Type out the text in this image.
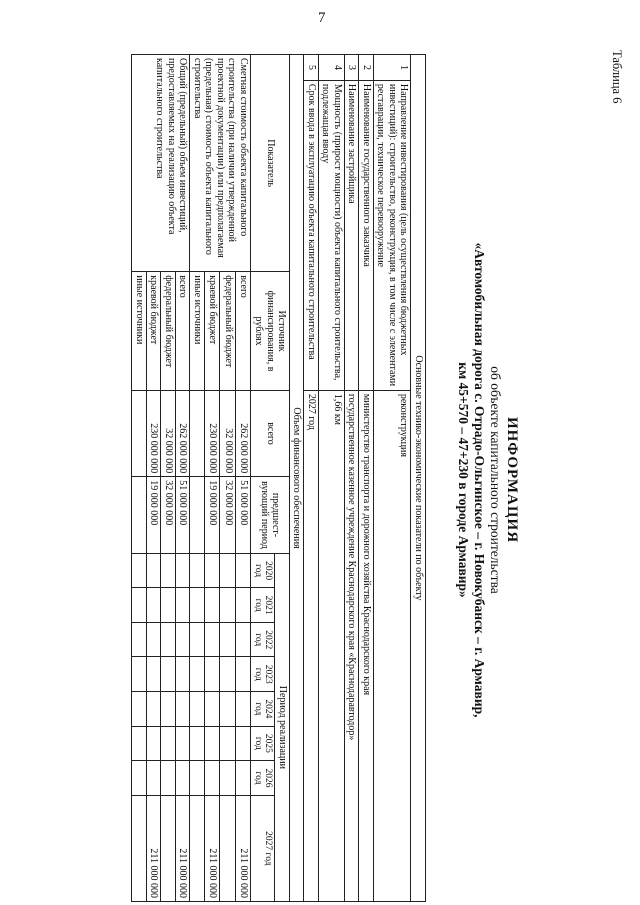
7
Таблица 6
ИНФОРМАЦИЯ
об объекте капитального строительства
«Автомобильная дорога с. Отрадо-Ольгинское – г. Новокубанск – г. Армавир,
км 45+570 – 47+230 в городе Армавир»
Основные технико-экономические показатели по объекту												
1	Направление инвестирования (цель осуществления бюджетных инвестиций): строительство, реконструкция, в том числе с элементами реставрации, техническое перевооружение		реконструкция									
2	Наименование государственного заказчика		министерство транспорта и дорожного хозяйства Краснодарского края									
3	Наименование застройщика		государственное казенное учреждение Краснодарского края «Краснодаравтодор»									
4	Мощность (прирост мощности) объекта капитального строительства, подлежащая вводу		1,66 км									
5	Срок ввода в эксплуатацию объекта капитального строительства		2027 год									
Объем финансового обеспечения												
Показатель		Источник финансирования, в рублях	всего	предшест-вующий период	Период реализации							
					2020 год	2021 год	2022 год	2023 год	2024 год	2025 год	2026 год	2027 год
Сметная стоимость объекта капитального строительства (при наличии утвержденной проектной документации) или предполагаемая (предельная) стоимость объекта капитального строительства		всего	262 000 000	51 000 000								211 000 000
		федеральный бюджет	32 000 000	32 000 000								
		краевой бюджет	230 000 000	19 000 000								211 000 000
		иные источники										
Общий (предельный) объем инвестиций, предоставляемых на реализацию объекта капитального строительства		всего	262 000 000	51 000 000								211 000 000
		федеральный бюджет	32 000 000	32 000 000								
		краевой бюджет	230 000 000	19 000 000								211 000 000
		иные источники										
